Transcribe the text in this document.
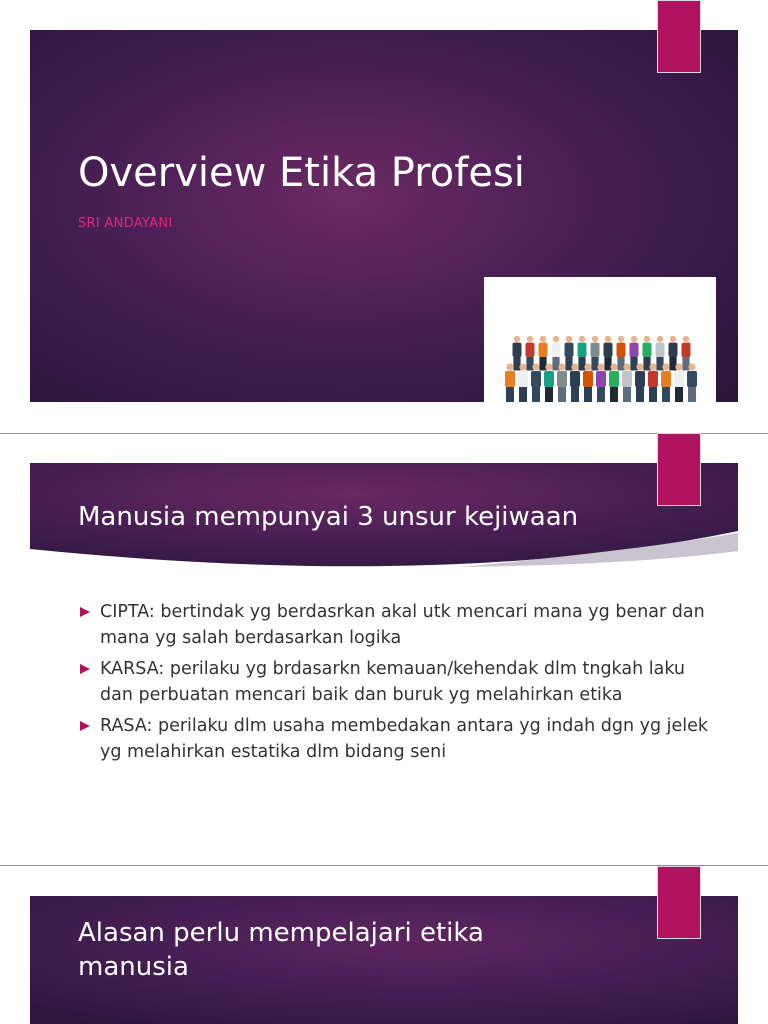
Overview Etika Profesi
SRI ANDAYANI
Manusia mempunyai 3 unsur kejiwaan
CIPTA: bertindak yg berdasrkan akal utk mencari mana yg benar dan mana yg salah berdasarkan logika
KARSA: perilaku yg brdasarkn kemauan/kehendak dlm tngkah laku dan perbuatan mencari baik dan buruk yg melahirkan etika
RASA: perilaku dlm usaha membedakan antara yg indah dgn yg jelek yg melahirkan estatika dlm bidang seni
Alasan perlu mempelajari etika manusia
